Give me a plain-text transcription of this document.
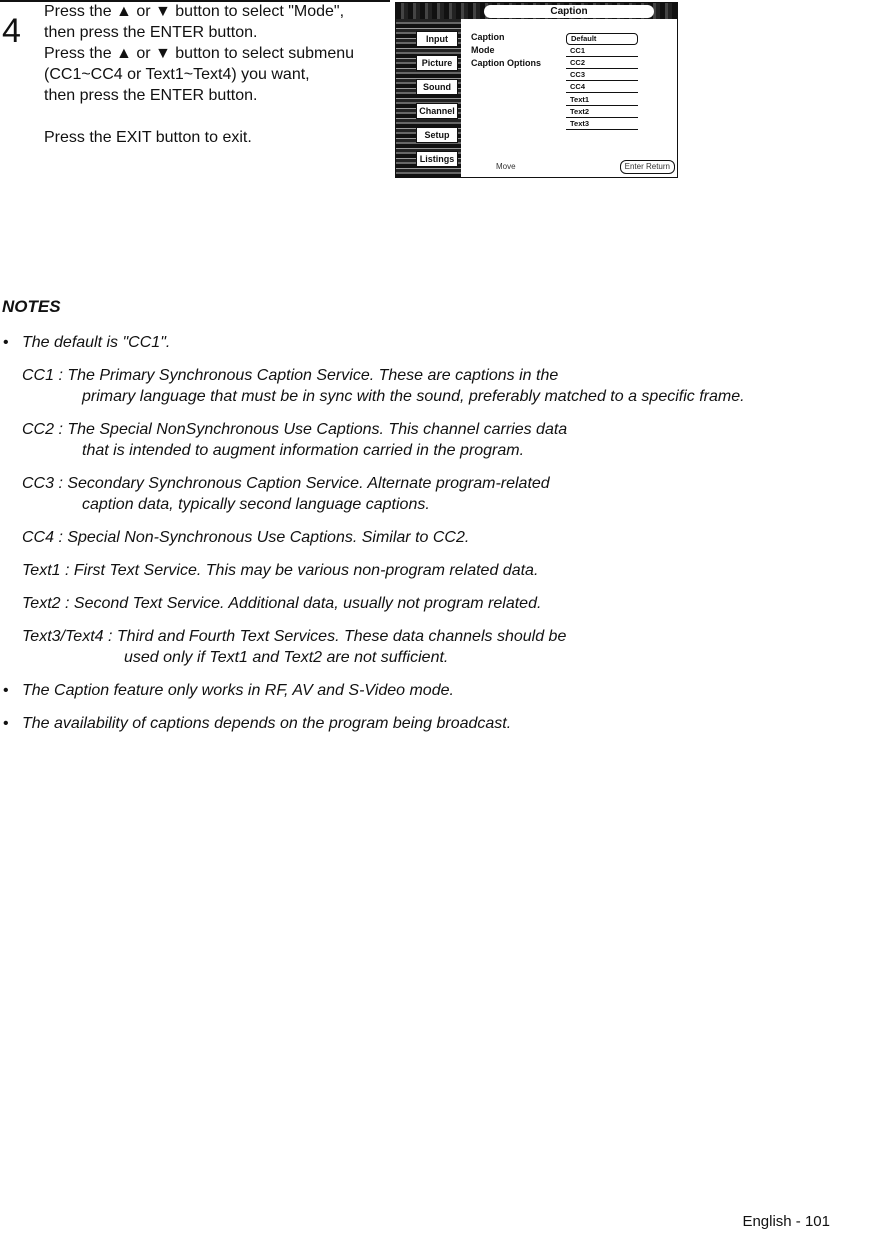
4

Press the ▲ or ▼ button to select "Mode",

then press the ENTER button.

Press the ▲ or ▼ button to select submenu

(CC1~CC4 or Text1~Text4) you want,

then press the ENTER button.

Press the EXIT button to exit.

Caption
Input
Picture
Sound
Channel
Setup
Listings
Caption
Mode
Caption Options
Default
CC1
CC2
CC3
CC4
Text1
Text2
Text3
Move	Enter Return
NOTES
• The default is "CC1".
CC1 : The Primary Synchronous Caption Service. These are captions in the
primary language that must be in sync with the sound, preferably matched to a specific frame.
CC2 : The Special NonSynchronous Use Captions. This channel carries data
that is intended to augment information carried in the program.
CC3 : Secondary Synchronous Caption Service. Alternate program-related
caption data, typically second language captions.
CC4 : Special Non-Synchronous Use Captions. Similar to CC2.
Text1 : First Text Service. This may be various non-program related data.
Text2 : Second Text Service. Additional data, usually not program related.
Text3/Text4 : Third and Fourth Text Services. These data channels should be
used only if Text1 and Text2 are not sufficient.
• The Caption feature only works in RF, AV and S-Video mode.
• The availability of captions depends on the program being broadcast.
English - 101
